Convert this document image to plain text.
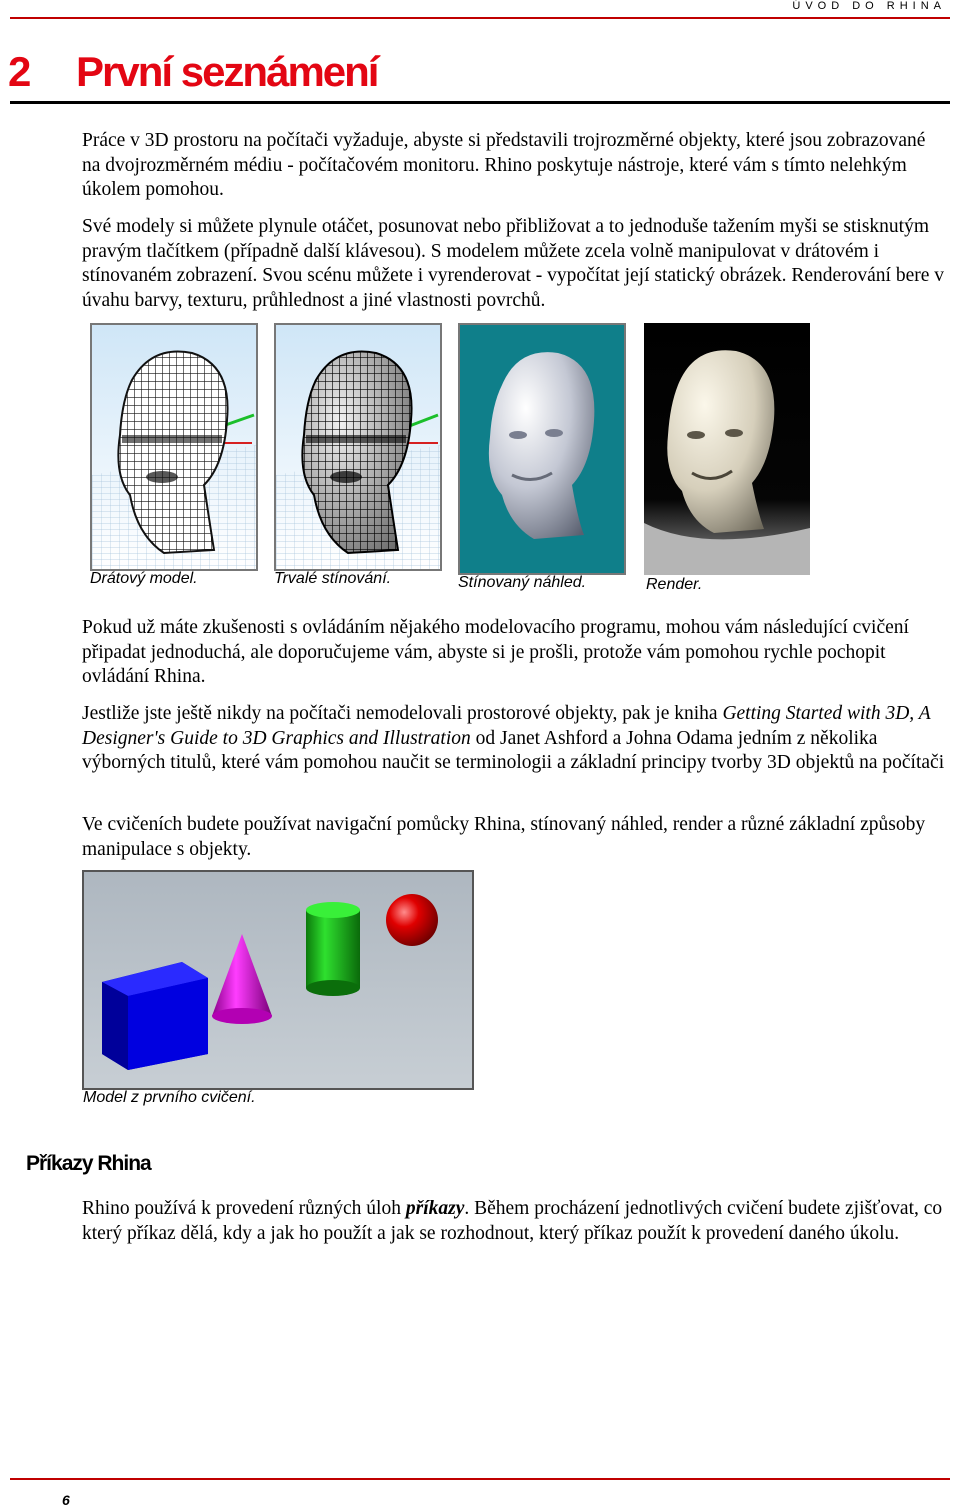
ÚVOD DO RHINA
2 První seznámení

Práce v 3D prostoru na počítači vyžaduje, abyste si představili trojrozměrné objekty, které jsou zobrazované na dvojrozměrném médiu - počítačovém monitoru. Rhino poskytuje nástroje, které vám s tímto nelehkým úkolem pomohou.

Své modely si můžete plynule otáčet, posunovat nebo přibližovat a to jednoduše tažením myši se stisknutým pravým tlačítkem (případně další klávesou). S modelem můžete zcela volně manipulovat v drátovém i stínovaném zobrazení. Svou scénu můžete i vyrenderovat - vypočítat její statický obrázek. Renderování bere v úvahu barvy, texturu, průhlednost a jiné vlastnosti povrchů.

Drátový model.	Trvalé stínování.	Stínovaný náhled.	Render.

Pokud už máte zkušenosti s ovládáním nějakého modelovacího programu, mohou vám následující cvičení připadat jednoduchá, ale doporučujeme vám, abyste si je prošli, protože vám pomohou rychle pochopit ovládání Rhina.

Jestliže jste ještě nikdy na počítači nemodelovali prostorové objekty, pak je kniha Getting Started with 3D, A Designer's Guide to 3D Graphics and Illustration od Janet Ashford a Johna Odama jedním z několika výborných titulů, které vám pomohou naučit se terminologii a základní principy tvorby 3D objektů na počítači

Ve cvičeních budete používat navigační pomůcky Rhina, stínovaný náhled, render a různé základní způsoby manipulace s objekty.

Model z prvního cvičení.
Příkazy Rhina

Rhino používá k provedení různých úloh příkazy. Během procházení jednotlivých cvičení budete zjišťovat, co který příkaz dělá, kdy a jak ho použít a jak se rozhodnout, který příkaz použít k provedení daného úkolu.

6
